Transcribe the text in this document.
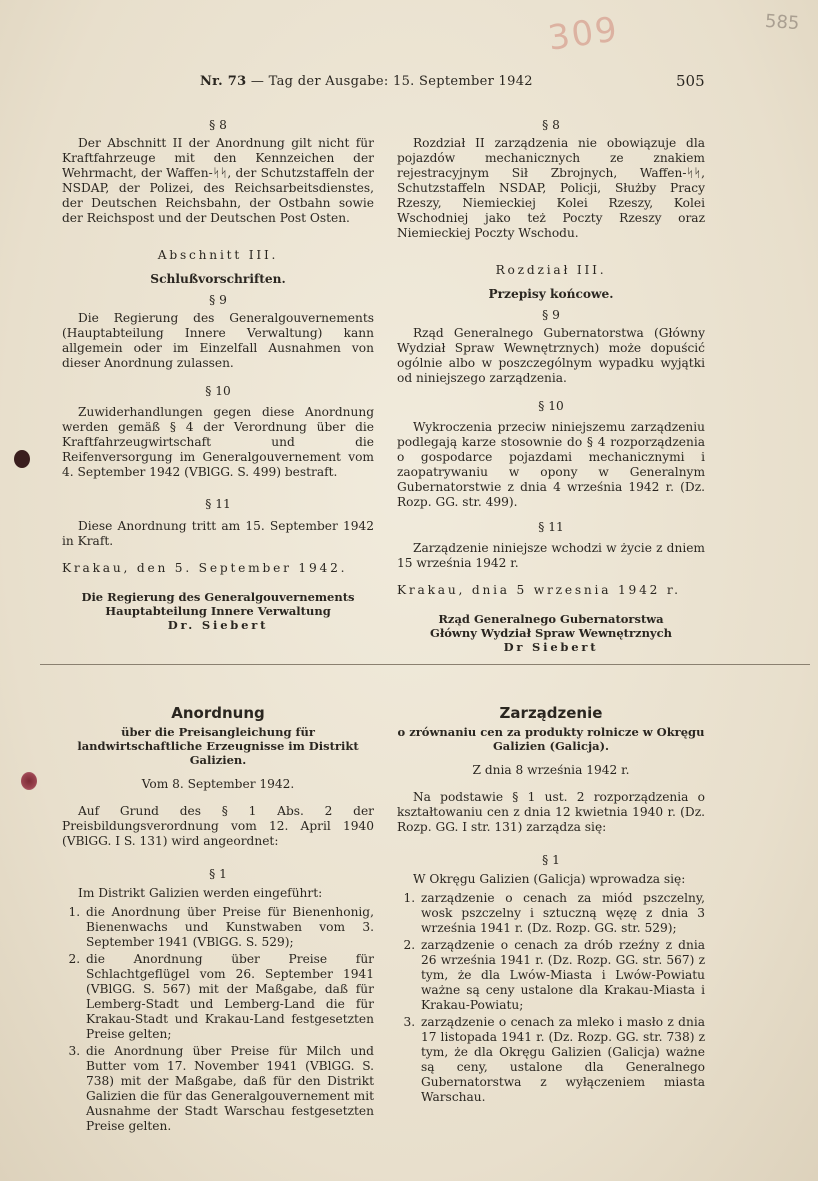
309	585
Nr. 73 — Tag der Ausgabe: 15. September 1942	505
§ 8
Der Abschnitt II der Anordnung gilt nicht für Kraftfahrzeuge mit den Kennzeichen der Wehrmacht, der Waffen-ᛋᛋ, der Schutzstaffeln der NSDAP, der Polizei, des Reichsarbeitsdienstes, der Deutschen Reichsbahn, der Ostbahn sowie der Reichspost und der Deutschen Post Osten.
Abschnitt III.
Schlußvorschriften.
§ 9
Die Regierung des Generalgouvernements (Hauptabteilung Innere Verwaltung) kann allgemein oder im Einzelfall Ausnahmen von dieser Anordnung zulassen.
§ 10
Zuwiderhandlungen gegen diese Anordnung werden gemäß § 4 der Verordnung über die Kraftfahrzeugwirtschaft und die Reifenversorgung im Generalgouvernement vom 4. September 1942 (VBlGG. S. 499) bestraft.
§ 11
Diese Anordnung tritt am 15. September 1942 in Kraft.
Krakau, den 5. September 1942.
Die Regierung des Generalgouvernements
Hauptabteilung Innere Verwaltung
Dr. Siebert
§ 8
Rozdział II zarządzenia nie obowiązuje dla pojazdów mechanicznych ze znakiem rejestracyjnym Sił Zbrojnych, Waffen-ᛋᛋ, Schutzstaffeln NSDAP, Policji, Służby Pracy Rzeszy, Niemieckiej Kolei Rzeszy, Kolei Wschodniej jako też Poczty Rzeszy oraz Niemieckiej Poczty Wschodu.
Rozdział III.
Przepisy końcowe.
§ 9
Rząd Generalnego Gubernatorstwa (Główny Wydział Spraw Wewnętrznych) może dopuścić ogólnie albo w poszczególnym wypadku wyjątki od niniejszego zarządzenia.
§ 10
Wykroczenia przeciw niniejszemu zarządzeniu podlegają karze stosownie do § 4 rozporządzenia o gospodarce pojazdami mechanicznymi i zaopatrywaniu w opony w Generalnym Gubernatorstwie z dnia 4 września 1942 r. (Dz. Rozp. GG. str. 499).
§ 11
Zarządzenie niniejsze wchodzi w życie z dniem 15 września 1942 r.
Krakau, dnia 5 wrzesnia 1942 r.
Rząd Generalnego Gubernatorstwa
Główny Wydział Spraw Wewnętrznych
Dr Siebert
Anordnung
über die Preisangleichung für landwirtschaftliche Erzeugnisse im Distrikt Galizien.
Vom 8. September 1942.
Auf Grund des § 1 Abs. 2 der Preisbildungsverordnung vom 12. April 1940 (VBlGG. I S. 131) wird angeordnet:
§ 1
Im Distrikt Galizien werden eingeführt:
1. die Anordnung über Preise für Bienenhonig, Bienenwachs und Kunstwaben vom 3. September 1941 (VBlGG. S. 529);
2. die Anordnung über Preise für Schlachtgeflügel vom 26. September 1941 (VBlGG. S. 567) mit der Maßgabe, daß für Lemberg-Stadt und Lemberg-Land die für Krakau-Stadt und Krakau-Land festgesetzten Preise gelten;
3. die Anordnung über Preise für Milch und Butter vom 17. November 1941 (VBlGG. S. 738) mit der Maßgabe, daß für den Distrikt Galizien die für das Generalgouvernement mit Ausnahme der Stadt Warschau festgesetzten Preise gelten.
Zarządzenie
o zrównaniu cen za produkty rolnicze w Okręgu Galizien (Galicja).
Z dnia 8 września 1942 r.
Na podstawie § 1 ust. 2 rozporządzenia o kształtowaniu cen z dnia 12 kwietnia 1940 r. (Dz. Rozp. GG. I str. 131) zarządza się:
§ 1
W Okręgu Galizien (Galicja) wprowadza się:
1. zarządzenie o cenach za miód pszczelny, wosk pszczelny i sztuczną węzę z dnia 3 września 1941 r. (Dz. Rozp. GG. str. 529);
2. zarządzenie o cenach za drób rzeźny z dnia 26 września 1941 r. (Dz. Rozp. GG. str. 567) z tym, że dla Lwów-Miasta i Lwów-Powiatu ważne są ceny ustalone dla Krakau-Miasta i Krakau-Powiatu;
3. zarządzenie o cenach za mleko i masło z dnia 17 listopada 1941 r. (Dz. Rozp. GG. str. 738) z tym, że dla Okręgu Galizien (Galicja) ważne są ceny, ustalone dla Generalnego Gubernatorstwa z wyłączeniem miasta Warschau.
